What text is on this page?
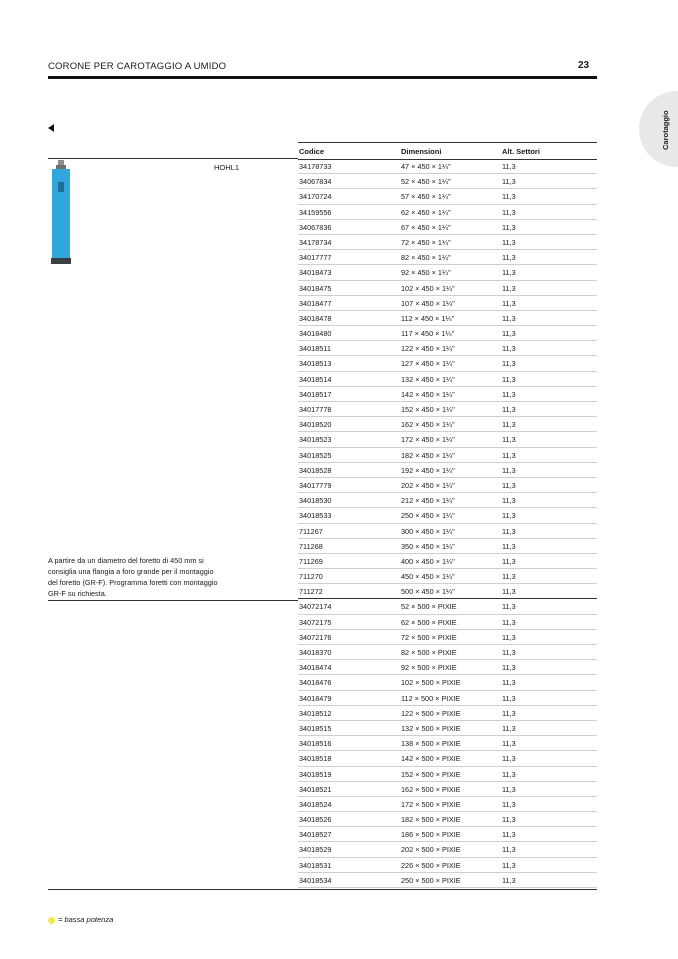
CORONE PER CAROTAGGIO A UMIDO	23
Carotaggio
Codice	Dimensioni	Alt. Settori
HOHL1
A partire da un diametro del foretto di 450 mm si consiglia una flangia a foro grande per il montaggio del foretto (GR-F). Programma foretti con montaggio GR-F su richiesta.
34178733	47 × 450 × 1¼"	11,3
34067834	52 × 450 × 1¼"	11,3
34170724	57 × 450 × 1¼"	11,3
34159556	62 × 450 × 1¼"	11,3
34067836	67 × 450 × 1¼"	11,3
34178734	72 × 450 × 1¼"	11,3
34017777	82 × 450 × 1¼"	11,3
34018473	92 × 450 × 1¼"	11,3
34018475	102 × 450 × 1¼"	11,3
34018477	107 × 450 × 1¼"	11,3
34018478	112 × 450 × 1¼"	11,3
34018480	117 × 450 × 1¼"	11,3
34018511	122 × 450 × 1¼"	11,3
34018513	127 × 450 × 1¼"	11,3
34018514	132 × 450 × 1¼"	11,3
34018517	142 × 450 × 1¼"	11,3
34017778	152 × 450 × 1¼"	11,3
34018520	162 × 450 × 1¼"	11,3
34018523	172 × 450 × 1¼"	11,3
34018525	182 × 450 × 1¼"	11,3
34018528	192 × 450 × 1¼"	11,3
34017779	202 × 450 × 1¼"	11,3
34018530	212 × 450 × 1¼"	11,3
34018533	250 × 450 × 1¼"	11,3
711267	300 × 450 × 1¼"	11,3
711268	350 × 450 × 1¼"	11,3
711269	400 × 450 × 1¼"	11,3
711270	450 × 450 × 1¼"	11,3
711272	500 × 450 × 1¼"	11,3
34072174	52 × 500 × PIXIE	11,3
34072175	62 × 500 × PIXIE	11,3
34072176	72 × 500 × PIXIE	11,3
34018370	82 × 500 × PIXIE	11,3
34018474	92 × 500 × PIXIE	11,3
34018476	102 × 500 × PIXIE	11,3
34018479	112 × 500 × PIXIE	11,3
34018512	122 × 500 × PIXIE	11,3
34018515	132 × 500 × PIXIE	11,3
34018516	138 × 500 × PIXIE	11,3
34018518	142 × 500 × PIXIE	11,3
34018519	152 × 500 × PIXIE	11,3
34018521	162 × 500 × PIXIE	11,3
34018524	172 × 500 × PIXIE	11,3
34018526	182 × 500 × PIXIE	11,3
34018527	186 × 500 × PIXIE	11,3
34018529	202 × 500 × PIXIE	11,3
34018531	226 × 500 × PIXIE	11,3
34018534	250 × 500 × PIXIE	11,3
= bassa potenza
